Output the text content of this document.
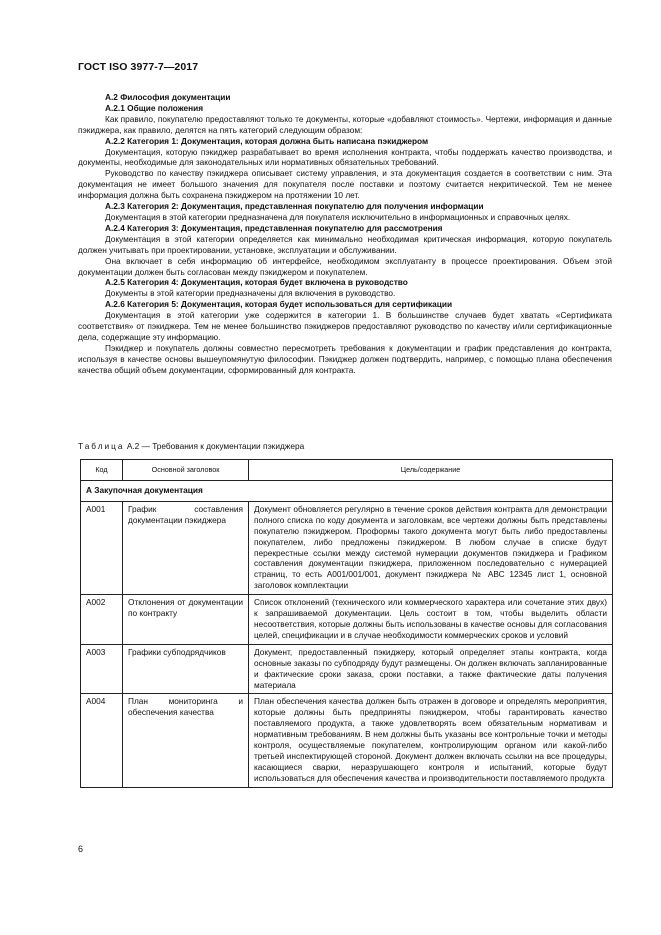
ГОСТ ISO 3977-7—2017

А.2 Философия документации

А.2.1 Общие положения

Как правило, покупателю предоставляют только те документы, которые «добавляют стоимость». Чертежи, информация и данные пэкиджера, как правило, делятся на пять категорий следующим образом:

А.2.2 Категория 1: Документация, которая должна быть написана пэкиджером

Документация, которую пэкиджер разрабатывает во время исполнения контракта, чтобы поддержать качество производства, и документы, необходимые для законодательных или нормативных обязательных требований.

Руководство по качеству пэкиджера описывает систему управления, и эта документация создается в соответствии с ним. Эта документация не имеет большого значения для покупателя после поставки и поэтому считается некритической. Тем не менее информация должна быть сохранена пэкиджером на протяжении 10 лет.

А.2.3 Категория 2: Документация, представленная покупателю для получения информации

Документация в этой категории предназначена для покупателя исключительно в информационных и справочных целях.

А.2.4 Категория 3: Документация, представленная покупателю для рассмотрения

Документация в этой категории определяется как минимально необходимая критическая информация, которую покупатель должен учитывать при проектировании, установке, эксплуатации и обслуживании.

Она включает в себя информацию об интерфейсе, необходимом эксплуатанту в процессе проектирования. Объем этой документации должен быть согласован между пэкиджером и покупателем.

А.2.5 Категория 4: Документация, которая будет включена в руководство

Документы в этой категории предназначены для включения в руководство.

А.2.6 Категория 5: Документация, которая будет использоваться для сертификации

Документация в этой категории уже содержится в категории 1. В большинстве случаев будет хватать «Сертификата соответствия» от пэкиджера. Тем не менее большинство пэкиджеров предоставляют руководство по качеству и/или сертификационные дела, содержащие эту информацию.

Пэкиджер и покупатель должны совместно пересмотреть требования к документации и график представления до контракта, используя в качестве основы вышеупомянутую философии. Пэкиджер должен подтвердить, например, с помощью плана обеспечения качества общий объем документации, сформированный для контракта.

Таблица А.2 — Требования к документации пэкиджера
Код	Основной заголовок	Цель/содержание
А Закупочная документация		
А001	График составления документации пэкиджера	Документ обновляется регулярно в течение сроков действия контракта для демонстрации полного списка по коду документа и заголовкам, все чертежи должны быть представлены покупателю пэкиджером. Проформы такого документа могут быть либо предоставлены покупателем, либо предложены пэкиджером. В любом случае в списке будут перекрестные ссылки между системой нумерации документов пэкиджера и Графиком составления документации пэкиджера, приложенном последовательно с нумерацией страниц, то есть А001/001/001, документ пэкиджера № АВС 12345 лист 1, основной заголовок комплектации
А002	Отклонения от документации по контракту	Список отклонений (технического или коммерческого характера или сочетание этих двух) к запрашиваемой документации. Цель состоит в том, чтобы выделить области несоответствия, которые должны быть использованы в качестве основы для согласования целей, спецификации и в случае необходимости коммерческих сроков и условий
А003	Графики субподрядчиков	Документ, предоставленный пэкиджеру, который определяет этапы контракта, когда основные заказы по субподряду будут размещены. Он должен включать запланированные и фактические сроки заказа, сроки поставки, а также фактические даты получения материала
А004	План мониторинга и обеспечения качества	План обеспечения качества должен быть отражен в договоре и определять мероприятия, которые должны быть предприняты пэкиджером, чтобы гарантировать качество поставляемого продукта, а также удовлетворять всем обязательным нормативам и нормативным требованиям. В нем должны быть указаны все контрольные точки и методы контроля, осуществляемые покупателем, контролирующим органом или какой-либо третьей инспектирующей стороной. Документ должен включать ссылки на все процедуры, касающиеся сварки, неразрушающего контроля и испытаний, которые будут использоваться для обеспечения качества и производительности поставляемого продукта
6
